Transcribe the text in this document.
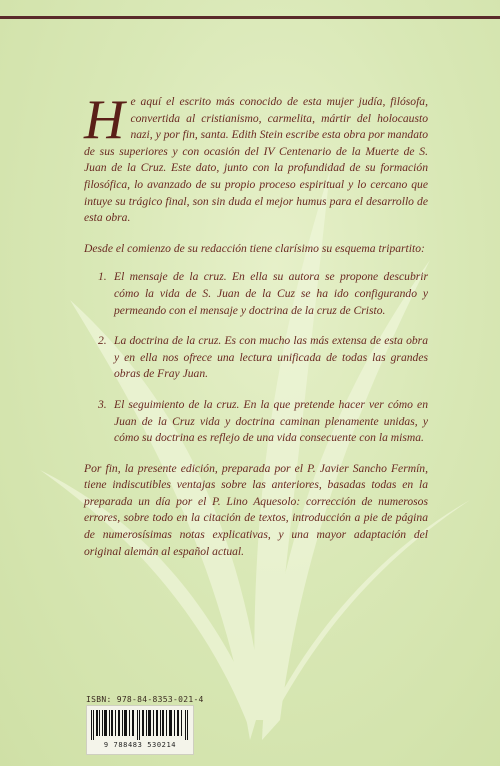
H e aquí el escrito más conocido de esta mujer judía, filósofa, convertida al cristianismo, carmelita, mártir del holocausto nazi, y por fin, santa. Edith Stein escribe esta obra por mandato de sus superiores y con ocasión del IV Centenario de la Muerte de S. Juan de la Cruz. Este dato, junto con la profundidad de su formación filosófica, lo avanzado de su propio proceso espiritual y lo cercano que intuye su trágico final, son sin duda el mejor humus para el desarrollo de esta obra.

Desde el comienzo de su redacción tiene clarísimo su esquema tripartito:

1. El mensaje de la cruz. En ella su autora se propone descubrir cómo la vida de S. Juan de la Cuz se ha ido configurando y permeando con el mensaje y doctrina de la cruz de Cristo.
2. La doctrina de la cruz. Es con mucho las más extensa de esta obra y en ella nos ofrece una lectura unificada de todas las grandes obras de Fray Juan.
3. El seguimiento de la cruz. En la que pretende hacer ver cómo en Juan de la Cruz vida y doctrina caminan plenamente unidas, y cómo su doctrina es reflejo de una vida consecuente con la misma.

Por fin, la presente edición, preparada por el P. Javier Sancho Fermín, tiene indiscutibles ventajas sobre las anteriores, basadas todas en la preparada un día por el P. Lino Aquesolo: corrección de numerosos errores, sobre todo en la citación de textos, introducción a pie de página de numerosísimas notas explicativas, y una mayor adaptación del original alemán al español actual.

ISBN: 978-84-8353-021-4
9 788483 530214
